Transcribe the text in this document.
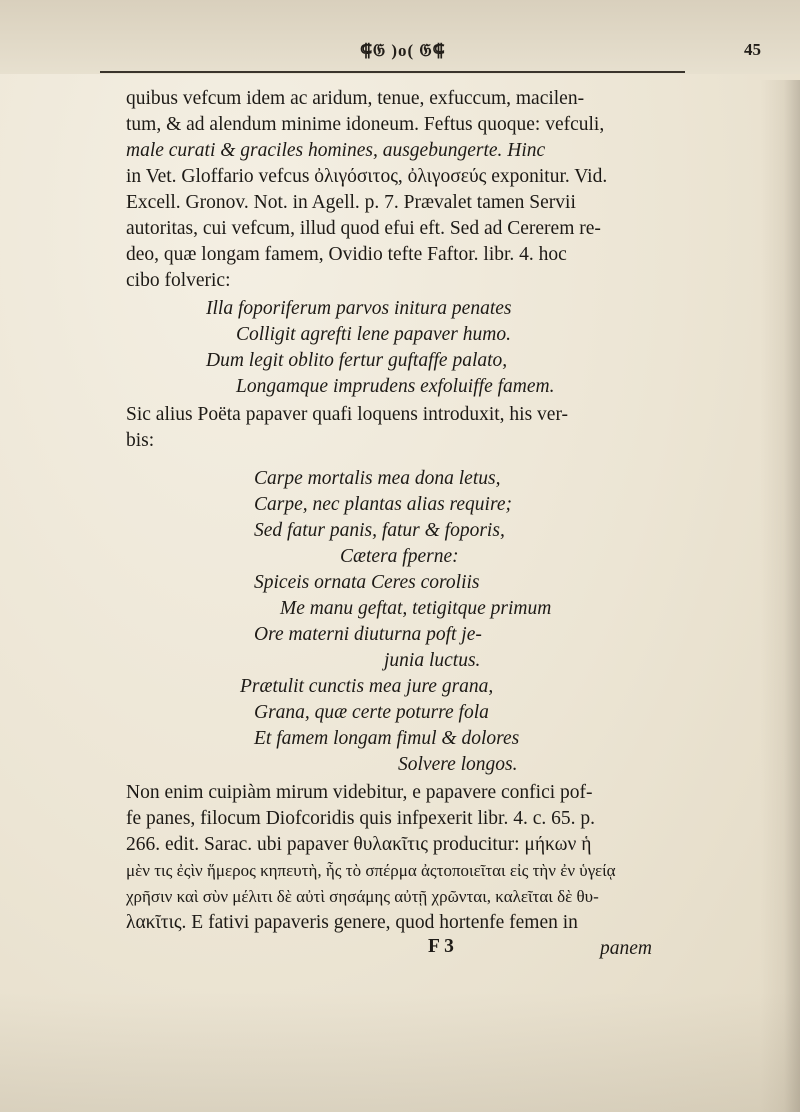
⸿𝔊 )o( 𝔊⸿	45
quibus vefcum idem ac aridum, tenue, exfuccum, macilen-
tum, & ad alendum minime idoneum. Feftus quoque: vefculi,
male curati & graciles homines, ausgebungerte. Hinc
in Vet. Gloffario vefcus ὀλιγόσιτος, ὀλιγοσεύς exponitur. Vid.
Excell. Gronov. Not. in Agell. p. 7. Prævalet tamen Servii
autoritas, cui vefcum, illud quod efui eft. Sed ad Cererem re-
deo, quæ longam famem, Ovidio tefte Faftor. libr. 4. hoc
cibo folveric:
Illa foporiferum parvos initura penates
Colligit agrefti lene papaver humo.
Dum legit oblito fertur guftaffe palato,
Longamque imprudens exfoluiffe famem.
Sic alius Poëta papaver quafi loquens introduxit, his ver-
bis:
Carpe mortalis mea dona letus,
Carpe, nec plantas alias require;
Sed fatur panis, fatur & foporis,
Cætera fperne:
Spiceis ornata Ceres coroliis
Me manu geftat, tetigitque primum
Ore materni diuturna poft je-
junia luctus.
Prætulit cunctis mea jure grana,
Grana, quæ certe poturre fola
Et famem longam fimul & dolores
Solvere longos.
Non enim cuipiàm mirum videbitur, e papavere confici pof-
fe panes, filocum Diofcoridis quis infpexerit libr. 4. c. 65. p.
266. edit. Sarac. ubi papaver θυλακῖτις producitur: μήκων ἡ
μὲν τις ἐςὶν ἥμερος κηπευτὴ, ἧς τὸ σπέρμα ἀςτοποιεῖται εἰς τὴν ἐν ὑγείᾳ
χρῆσιν καὶ σὺν μέλιτι δὲ αὐτὶ σησάμης αὐτῇ χρῶνται, καλεῖται δὲ θυ-
λακῖτις. E fativi papaveris genere, quod hortenfe femen in
F 3	panem
